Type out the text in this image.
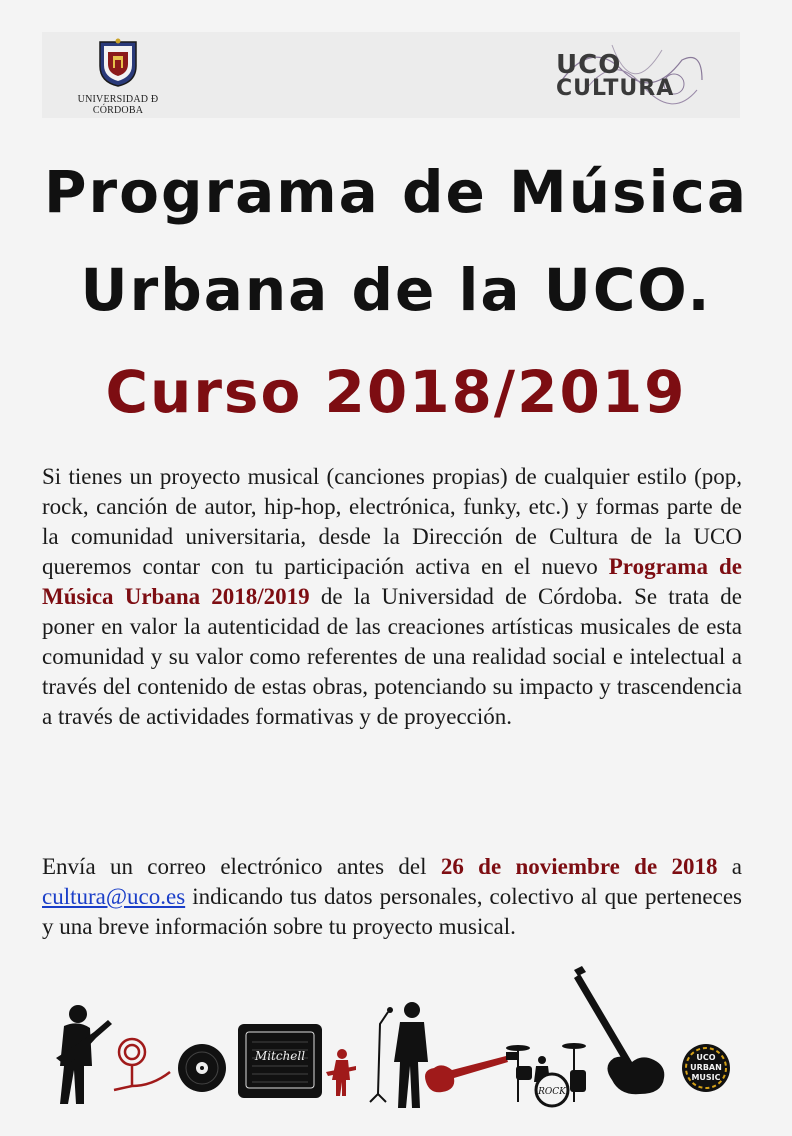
UNIVERSIDAD Ð CÓRDOBA
UCO
CULTURA
Programa de Música
Urbana de la UCO.
Curso 2018/2019

Si tienes un proyecto musical (canciones propias) de cualquier estilo (pop, rock, canción de autor, hip-hop, electrónica, funky, etc.) y formas parte de la comunidad universitaria, desde la Dirección de Cultura de la UCO queremos contar con tu participación activa en el nuevo Programa de Música Urbana 2018/2019 de la Universidad de Córdoba. Se trata de poner en valor la autenticidad de las creaciones artísticas musicales de esta comunidad y su valor como referentes de una realidad social e intelectual a través del contenido de estas obras, potenciando su impacto y trascendencia a través de actividades formativas y de proyección.

Envía un correo electrónico antes del 26 de noviembre de 2018 a cultura@uco.es indicando tus datos personales, colectivo al que perteneces y una breve información sobre tu proyecto musical.

Mitchell
ROCK
UCO
URBAN
MUSIC
